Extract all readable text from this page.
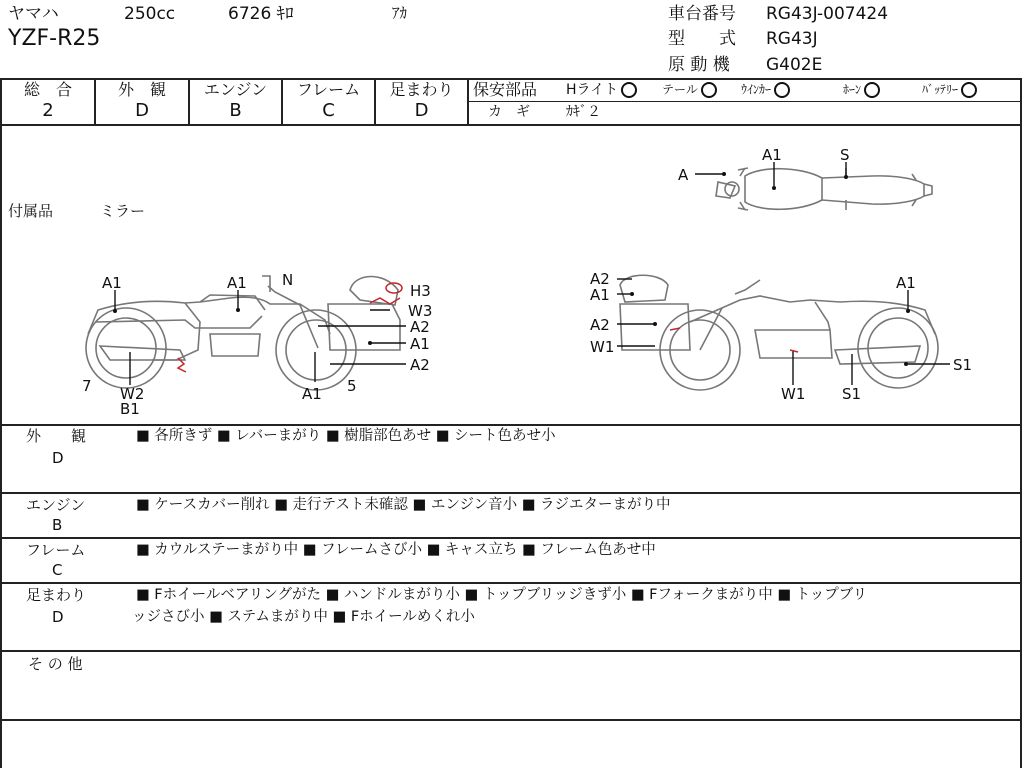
ヤマハ	250cc	6726 ｷﾛ	ｱｶ
YZF-R25
車台番号 RG43J-007424
型　　式 RG43J
原 動 機 G402E
総　合
2
外　観
D
エンジン
B
フレーム
C
足まわり
D
保安部品 Hライト	テール	ｳｲﾝｶｰ	ﾎｰﾝ	ﾊﾞｯﾃﾘｰ
カ　ギ	ｶｷﾞ２
付属品	ミラー
A
A1	S
A1	A1 N
H3
W3
A2
A1
A2
7 W2
B1
A1 5
A2
A1
A2
W1
A1
S1
W1 S1
外　　観
D
■ 各所きず ■ レバーまがり ■ 樹脂部色あせ ■ シート色あせ小
エンジン
B
■ ケースカバー削れ ■ 走行テスト未確認 ■ エンジン音小 ■ ラジエターまがり中
フレーム
C
■ カウルステーまがり中 ■ フレームさび小 ■ キャス立ち ■ フレーム色あせ中
足まわり
D
■ Fホイールベアリングがた ■ ハンドルまがり小 ■ トップブリッジきず小 ■ Fフォークまがり中 ■ トップブリ
ッジさび小 ■ ステムまがり中 ■ Fホイールめくれ小
そ の 他
